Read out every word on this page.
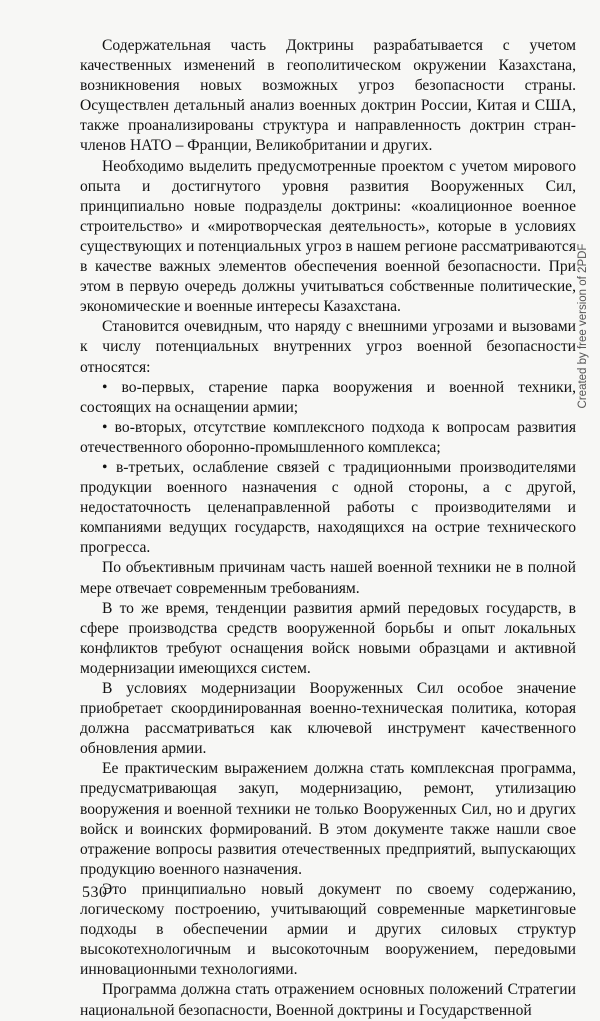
Содержательная часть Доктрины разрабатывается с учетом качественных изменений в геополитическом окружении Казахстана, возникновения новых возможных угроз безопасности страны. Осуществлен детальный анализ военных доктрин России, Китая и США, также проанализированы структура и направленность доктрин стран-членов НАТО – Франции, Великобритании и других.

Необходимо выделить предусмотренные проектом с учетом мирового опыта и достигнутого уровня развития Вооруженных Сил, принципиально новые подразделы доктрины: «коалиционное военное строительство» и «миротворческая деятельность», которые в условиях существующих и потенциальных угроз в нашем регионе рассматриваются в качестве важных элементов обеспечения военной безопасности. При этом в первую очередь должны учитываться собственные политические, экономические и военные интересы Казахстана.

Становится очевидным, что наряду с внешними угрозами и вызовами к числу потенциальных внутренних угроз военной безопасности относятся:

• во-первых, старение парка вооружения и военной техники, состоящих на оснащении армии;

• во-вторых, отсутствие комплексного подхода к вопросам развития отечественного оборонно-промышленного комплекса;

• в-третьих, ослабление связей с традиционными производителями продукции военного назначения с одной стороны, а с другой, недостаточность целенаправленной работы с производителями и компаниями ведущих государств, находящихся на острие технического прогресса.

По объективным причинам часть нашей военной техники не в полной мере отвечает современным требованиям.

В то же время, тенденции развития армий передовых государств, в сфере производства средств вооруженной борьбы и опыт локальных конфликтов требуют оснащения войск новыми образцами и активной модернизации имеющихся систем.

В условиях модернизации Вооруженных Сил особое значение приобретает скоординированная военно-техническая политика, которая должна рассматриваться как ключевой инструмент качественного обновления армии.

Ее практическим выражением должна стать комплексная программа, предусматривающая закуп, модернизацию, ремонт, утилизацию вооружения и военной техники не только Вооруженных Сил, но и других войск и воинских формирований. В этом документе также нашли свое отражение вопросы развития отечественных предприятий, выпускающих продукцию военного назначения.

Это принципиально новый документ по своему содержанию, логическому построению, учитывающий современные маркетинговые подходы в обеспечении армии и других силовых структур высокотехнологичным и высокоточным вооружением, передовыми инновационными технологиями.

Программа должна стать отражением основных положений Стратегии национальной безопасности, Военной доктрины и Государственной

530
Created by free version of 2PDF
